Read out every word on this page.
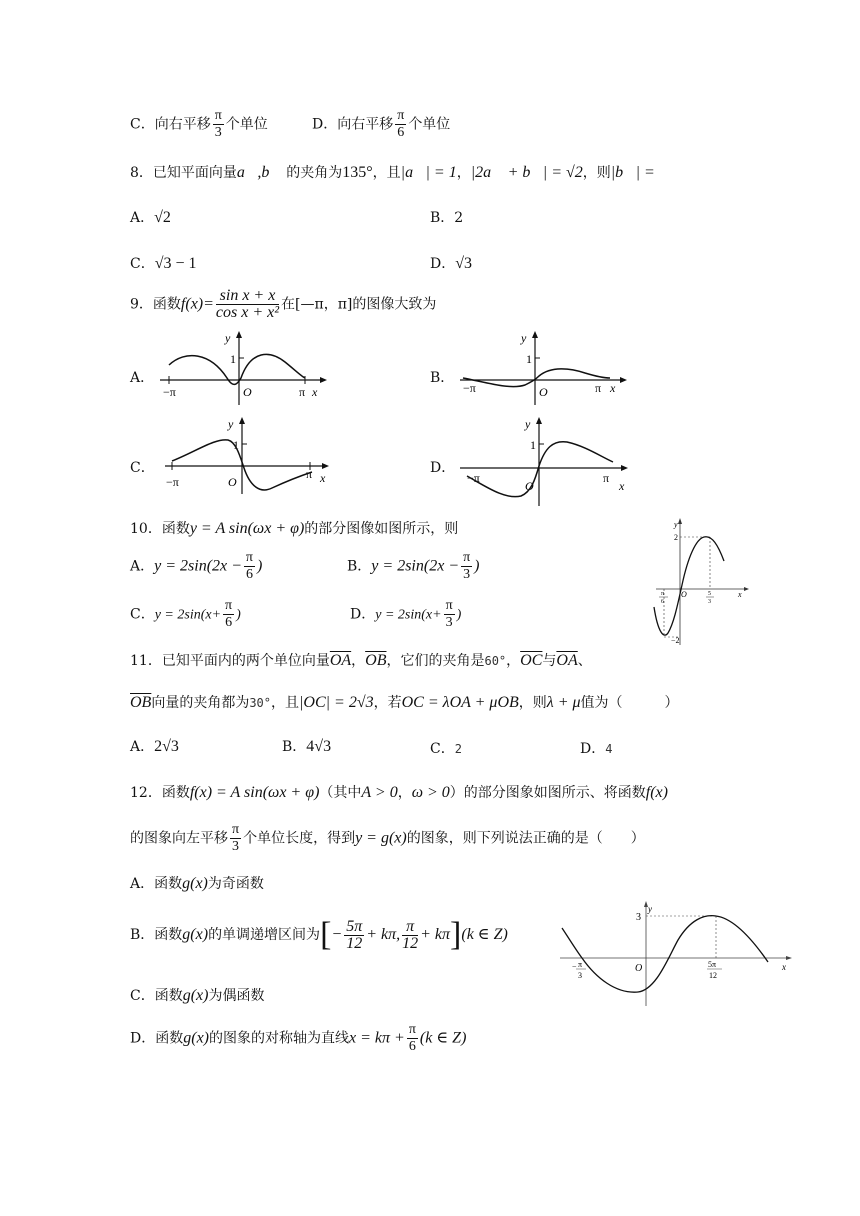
C．向右平移 $\frac{\pi}{3}$ 个单位	D．向右平移 $\frac{\pi}{6}$ 个单位
8．已知平面向量a⃗,b⃗ 的夹角为135°，且|a⃗| = 1，|2a⃗ + b⃗| = √2，则|b⃗| =
A．√2	B．2
C．√3 − 1	D．√3
9．函数$f(x)= \frac{\text{sin x + x}}{\text{cos x + x²}}$ 在[—π，π]的图像大致为
A．	B．
C．	D．
y
1
O	x
−π	π
y
1
O	x
−π	π
y
1
O	x
−π
π
y
1
O	x
−π	π
10．函数y = A sin(ωx + φ)的部分图像如图所示，则
A．$y = 2\sin(2x - \frac{\pi}{6}$ )	B．$y = 2\sin(2x - \frac{\pi}{3}$ )
C．$y = 2\sin(x+ \frac{\pi}{6}$ )	D．$y = 2\sin(x+ \frac{\pi}{3}$ )
y
2
−2
O	x
π
6
5
3
11．已知平面内的两个单位向量$\overline{OA}$，$\overline{OB}$，它们的夹角是60°，$\overline{OC}$与$\overline{OA}$、
$\overline{OB}$向量的夹角都为30°，且|OC| = 2√3，若OC = λOA + μOB，则λ + μ值为（　　　）
A．2√3	B．4√3	C．2	D．4
12．函数f(x) = A sin(ωx + φ)（其中A > 0，ω > 0）的部分图象如图所示、将函数f(x)
的图象向左平移 $\frac{\pi}{3}$ 个单位长度，得到y = g(x)的图象，则下列说法正确的是（　　）
A．函数g(x)为奇函数
B．函数g(x)的单调递增区间为[− $\frac{5\pi}{12} + k\pi$, $\frac{\pi}{12} + k\pi](k$ ∈ Z)
C．函数g(x)为偶函数
D．函数g(x)的图象的对称轴为直线$x = k\pi + \frac{\pi}{6} (k$ ∈ Z)
y
3
O	x
− π
3
5π
12
